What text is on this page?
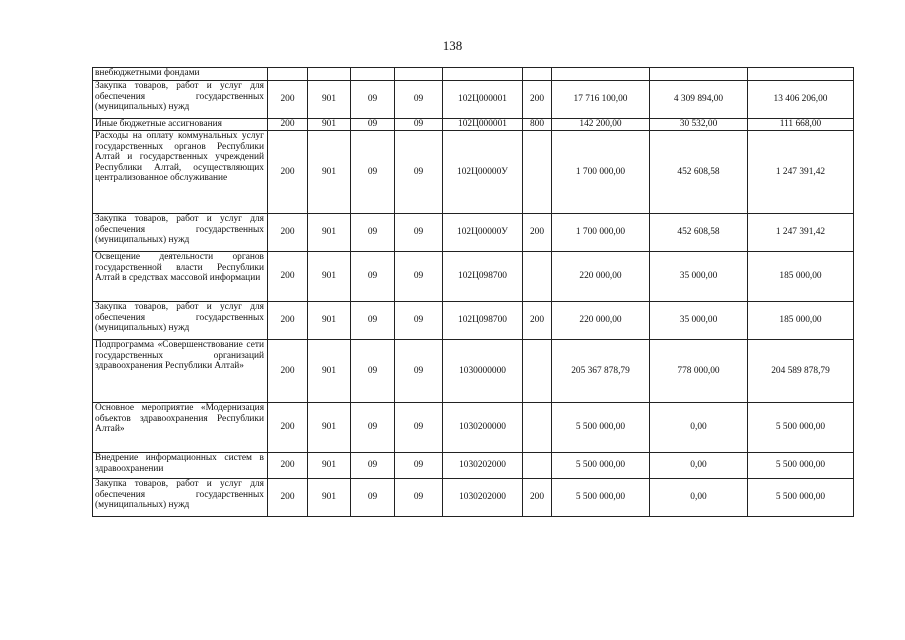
138
внебюджетными фондами									
Закупка товаров, работ и услуг для обеспечения государственных (муниципальных) нужд	200	901	09	09	102Ц000001	200	17 716 100,00	4 309 894,00	13 406 206,00
Иные бюджетные ассигнования	200	901	09	09	102Ц000001	800	142 200,00	30 532,00	111 668,00
Расходы на оплату коммунальных услуг государственных органов Республики Алтай и государственных учреждений Республики Алтай, осуществляющих централизованное обслуживание	200	901	09	09	102Ц00000У		1 700 000,00	452 608,58	1 247 391,42
Закупка товаров, работ и услуг для обеспечения государственных (муниципальных) нужд	200	901	09	09	102Ц00000У	200	1 700 000,00	452 608,58	1 247 391,42
Освещение деятельности органов государственной власти Республики Алтай в средствах массовой информации	200	901	09	09	102Ц098700		220 000,00	35 000,00	185 000,00
Закупка товаров, работ и услуг для обеспечения государственных (муниципальных) нужд	200	901	09	09	102Ц098700	200	220 000,00	35 000,00	185 000,00
Подпрограмма «Совершенствование сети государственных организаций здравоохранения Республики Алтай»	200	901	09	09	1030000000		205 367 878,79	778 000,00	204 589 878,79
Основное мероприятие «Модернизация объектов здравоохранения Республики Алтай»	200	901	09	09	1030200000		5 500 000,00	0,00	5 500 000,00
Внедрение информационных систем в здравоохранении	200	901	09	09	1030202000		5 500 000,00	0,00	5 500 000,00
Закупка товаров, работ и услуг для обеспечения государственных (муниципальных) нужд	200	901	09	09	1030202000	200	5 500 000,00	0,00	5 500 000,00
